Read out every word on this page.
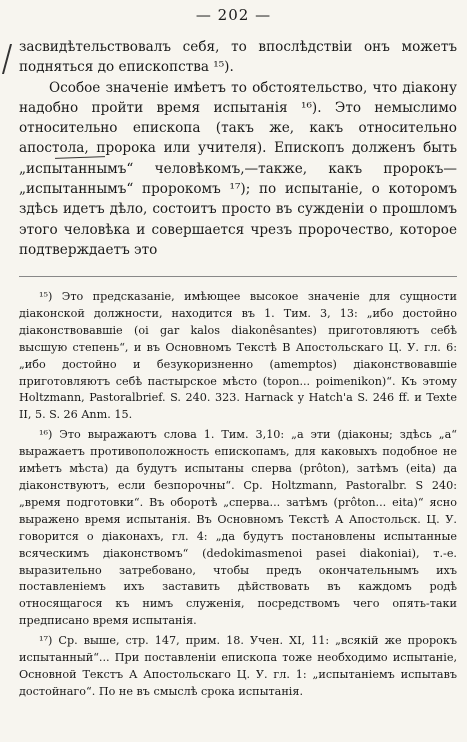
— 202 —

засвидѣтельствовалъ себя, то впослѣдствіи онъ можетъ подняться до епископства ¹⁵).

Особое значеніе имѣетъ то обстоятельство, что діакону надобно пройти время испытанія ¹⁶). Это немыслимо относительно епископа (такъ же, какъ относительно апостола, пророка или учителя). Епископъ долженъ быть „испытаннымъ“ человѣкомъ,—также, какъ пророкъ—„испытаннымъ“ пророкомъ ¹⁷); по испытаніе, о которомъ здѣсь идетъ дѣло, состоитъ просто въ сужденіи о прошломъ этого человѣка и совершается чрезъ пророчество, которое подтверждаетъ это

¹⁵) Это предсказаніе, имѣющее высокое значеніе для сущности діаконской должности, находится въ 1. Тим. 3, 13: „ибо достойно діаконствовавшіе (oi gar kalos diakonêsantes) приготовляютъ себѣ высшую степень“, и въ Основномъ Текстѣ В Апостольскаго Ц. У. гл. 6: „ибо достойно и безукоризненно (amemptos) діаконствовавшіе приготовляютъ себѣ пастырское мѣсто (topon... poimenikon)“. Къ этому Holtzmann, Pastoralbrief. S. 240. 323. Harnack y Hatch'a S. 246 ff. и Texte II, 5. S. 26 Anm. 15.

¹⁶) Это выражаютъ слова 1. Тим. 3,10: „а эти (діаконы; здѣсь „а“ выражаетъ противоположность епископамъ, для каковыхъ подобное не имѣетъ мѣста) да будутъ испытаны сперва (prôton), затѣмъ (eita) да діаконствуютъ, если безпорочны“. Ср. Holtzmann, Pastoralbr. S 240: „время подготовки“. Въ оборотѣ „сперва... затѣмъ (prôton... eita)“ ясно выражено время испытанія. Въ Основномъ Текстѣ А Апостольск. Ц. У. говорится о діаконахъ, гл. 4: „да будутъ постановлены испытанные всяческимъ діаконствомъ“ (dedokimasmenoi pasei diakoniai), т.-е. выразительно затребовано, чтобы предъ окончательнымъ ихъ поставленіемъ ихъ заставить дѣйствовать въ каждомъ родѣ относящагося къ нимъ служенія, посредствомъ чего опять-таки предписано время испытанія.

¹⁷) Ср. выше, стр. 147, прим. 18. Учен. XI, 11: „всякій же пророкъ испытанный“... При поставленіи епископа тоже необходимо испытаніе, Основной Текстъ А Апостольскаго Ц. У. гл. 1: „испытаніемъ испытавъ достойнаго“. По не въ смыслѣ срока испытанія.
